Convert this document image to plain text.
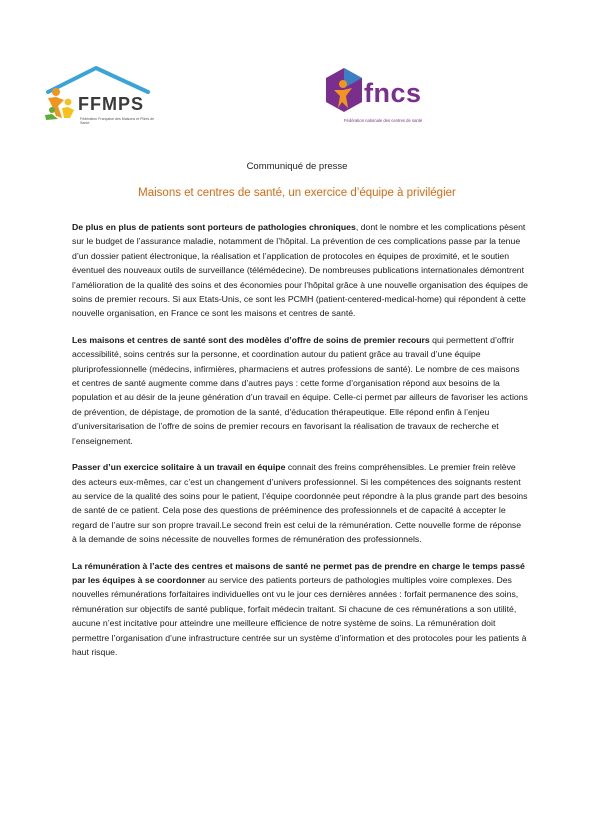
FFMPS
Fédération Française des Maisons et Pôles de Santé
fncs
Fédération nationale des centres de santé
Communiqué de presse
Maisons et centres de santé, un exercice d’équipe à privilégier

De plus en plus de patients sont porteurs de pathologies chroniques, dont le nombre et les complications pèsent sur le budget de l’assurance maladie, notamment de l’hôpital. La prévention de ces complications passe par la tenue d’un dossier patient électronique, la réalisation et l’application de protocoles en équipes de proximité, et le soutien éventuel des nouveaux outils de surveillance (télémédecine). De nombreuses publications internationales démontrent l’amélioration de la qualité des soins et des économies pour l’hôpital grâce à une nouvelle organisation des équipes de soins de premier recours. Si aux Etats-Unis, ce sont les PCMH (patient-centered-medical-home) qui répondent à cette nouvelle organisation, en France ce sont les maisons et centres de santé.

Les maisons et centres de santé sont des modèles d’offre de soins de premier recours qui permettent d’offrir accessibilité, soins centrés sur la personne, et coordination autour du patient grâce au travail d’une équipe pluriprofessionnelle (médecins, infirmières, pharmaciens et autres professions de santé). Le nombre de ces maisons et centres de santé augmente comme dans d’autres pays : cette forme d’organisation répond aux besoins de la population et au désir de la jeune génération d’un travail en équipe. Celle-ci permet par ailleurs de favoriser les actions de prévention, de dépistage, de promotion de la santé, d’éducation thérapeutique. Elle répond enfin à l’enjeu d’universitarisation de l’offre de soins de premier recours en favorisant la réalisation de travaux de recherche et l’enseignement.

Passer d’un exercice solitaire à un travail en équipe connait des freins compréhensibles. Le premier frein relève des acteurs eux-mêmes, car c’est un changement d’univers professionnel. Si les compétences des soignants restent au service de la qualité des soins pour le patient, l’équipe coordonnée peut répondre à la plus grande part des besoins de santé de ce patient. Cela pose des questions de prééminence des professionnels et de capacité à accepter le regard de l’autre sur son propre travail.Le second frein est celui de la rémunération. Cette nouvelle forme de réponse à la demande de soins nécessite de nouvelles formes de rémunération des professionnels.

La rémunération à l’acte des centres et maisons de santé ne permet pas de prendre en charge le temps passé par les équipes à se coordonner au service des patients porteurs de pathologies multiples voire complexes. Des nouvelles rémunérations forfaitaires individuelles ont vu le jour ces dernières années : forfait permanence des soins, rémunération sur objectifs de santé publique, forfait médecin traitant. Si chacune de ces rémunérations a son utilité, aucune n’est incitative pour atteindre une meilleure efficience de notre système de soins. La rémunération doit permettre l’organisation d’une infrastructure centrée sur un système d’information et des protocoles pour les patients à haut risque.
